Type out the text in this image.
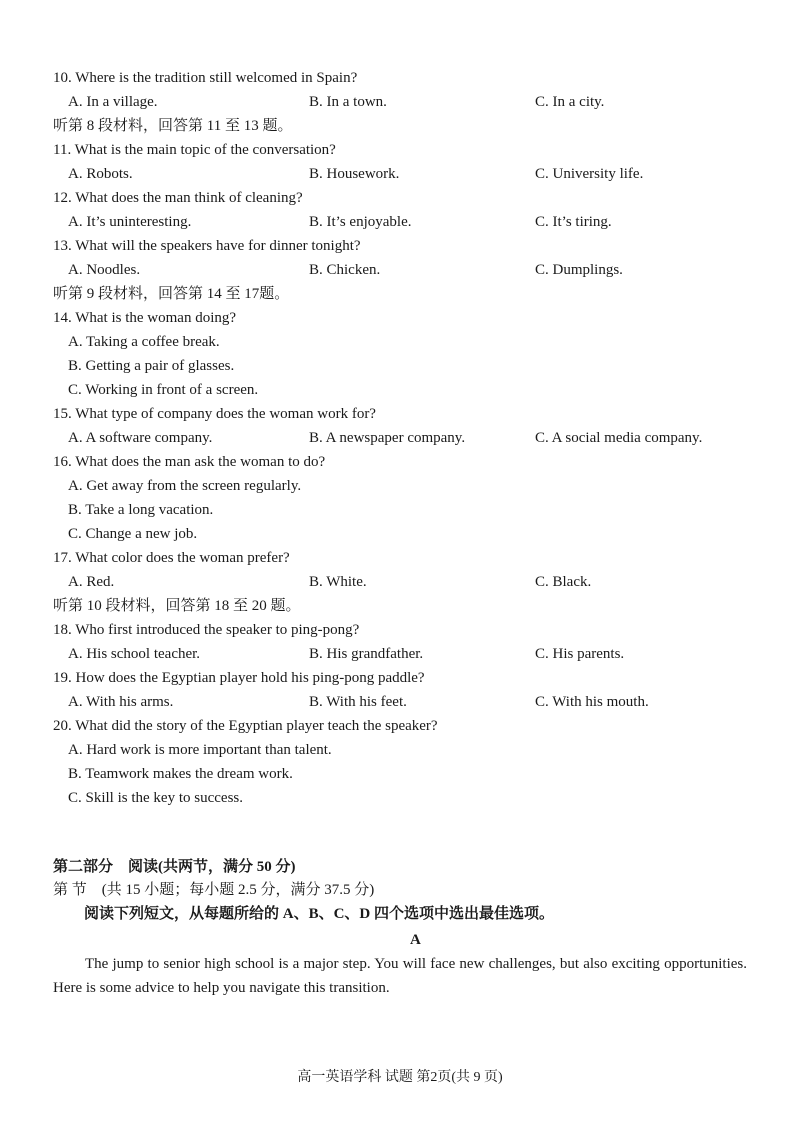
10. Where is the tradition still welcomed in Spain?
A. In a village.	B. In a town.	C. In a city.
听第 8 段材料，回答第 11 至 13 题。
11. What is the main topic of the conversation?
A. Robots.	B. Housework.	C. University life.
12. What does the man think of cleaning?
A. It’s uninteresting.	B. It’s enjoyable.	C. It’s tiring.
13. What will the speakers have for dinner tonight?
A. Noodles.	B. Chicken.	C. Dumplings.
听第 9 段材料，回答第 14 至 17题。
14. What is the woman doing?
A. Taking a coffee break.
B. Getting a pair of glasses.
C. Working in front of a screen.
15. What type of company does the woman work for?
A. A software company.	B. A newspaper company.	C. A social media company.
16. What does the man ask the woman to do?
A. Get away from the screen regularly.
B. Take a long vacation.
C. Change a new job.
17. What color does the woman prefer?
A. Red.	B. White.	C. Black.
听第 10 段材料，回答第 18 至 20 题。
18. Who first introduced the speaker to ping-pong?
A. His school teacher.	B. His grandfather.	C. His parents.
19. How does the Egyptian player hold his ping-pong paddle?
A. With his arms.	B. With his feet.	C. With his mouth.
20. What did the story of the Egyptian player teach the speaker?
A. Hard work is more important than talent.
B. Teamwork makes the dream work.
C. Skill is the key to success.
第二部分　阅读(共两节，满分 50 分)
第 节　(共 15 小题；每小题 2.5 分，满分 37.5 分)
阅读下列短文，从每题所给的 A、B、C、D 四个选项中选出最佳选项。
A
The jump to senior high school is a major step. You will face new challenges, but also exciting opportunities. Here is some advice to help you navigate this transition.
高一英语学科 试题 第2页(共 9 页)
